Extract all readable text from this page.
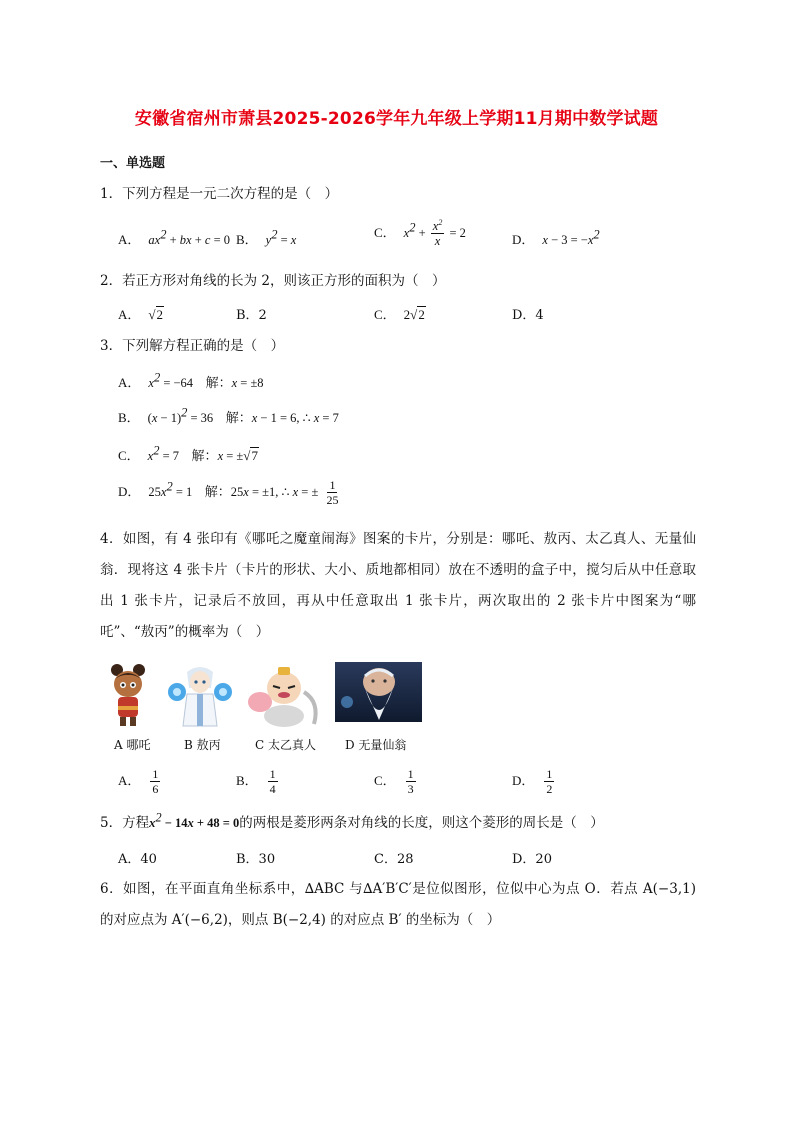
安徽省宿州市萧县2025-2026学年九年级上学期11月期中数学试题
一、单选题
1．下列方程是一元二次方程的是（　）
A． $ax^2$ + bx + c = 0 B． $y^2 = x$	C． $x^2 + \frac{x^2}{x} = 2$	D． $x - 3 = -x^2$
2．若正方形对角线的长为 2，则该正方形的面积为（　）
A． √2	B．2	C． 2√2	D．4
3．下列解方程正确的是（　）
A． $x^2 = -64$　解：x = ±8
B． $(x - 1)^2 = 36$　解：x − 1 = 6, ∴ x = 7
C． $x^2 = 7$　解：x = ±√7
D． $25x^2 = 1$　解：25x = ±1, ∴ x = ± $\frac{1}{25}$
4．如图，有 4 张印有《哪吒之魔童闹海》图案的卡片，分别是：哪吒、敖丙、太乙真人、无量仙翁．现将这 4 张卡片（卡片的形状、大小、质地都相同）放在不透明的盒子中，搅匀后从中任意取出 1 张卡片，记录后不放回，再从中任意取出 1 张卡片，两次取出的 2 张卡片中图案为“哪吒”、“敖丙”的概率为（　）
A 哪吒	B 敖丙	C 太乙真人 D 无量仙翁
A． $\frac{1}{6}$	B． $\frac{1}{4}$	C． $\frac{1}{3}$	D． $\frac{1}{2}$
5．方程$x^2 - 14x + 48 = 0$的两根是菱形两条对角线的长度，则这个菱形的周长是（　）
A．40	B．30	C．28	D．20
6．如图，在平面直角坐标系中，∆ABC 与∆A′B′C′是位似图形，位似中心为点 O．若点 A(−3,1) 的对应点为 A′(−6,2)，则点 B(−2,4) 的对应点 B′ 的坐标为（　）
